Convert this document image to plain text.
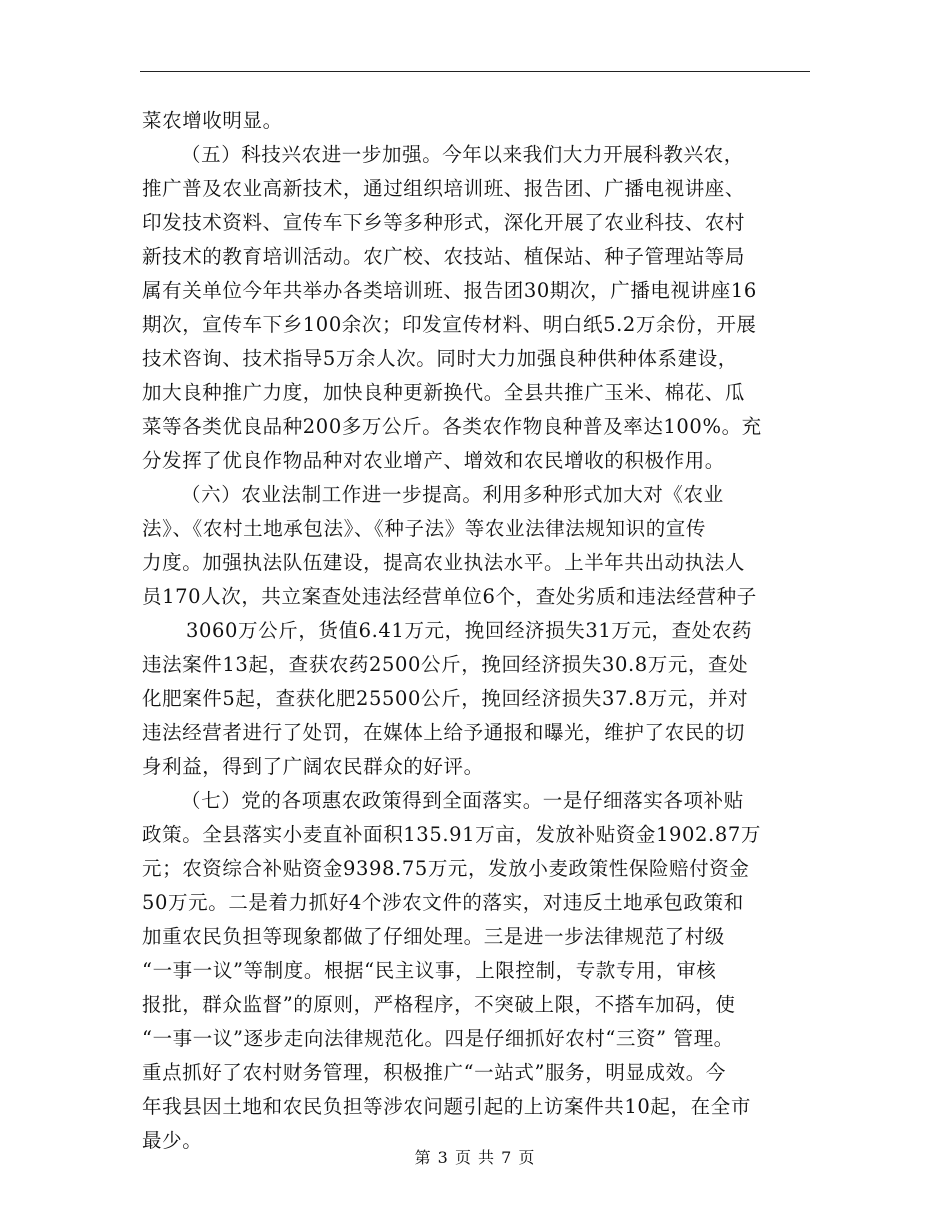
菜农增收明显。
（五）科技兴农进一步加强。今年以来我们大力开展科教兴农，
推广普及农业高新技术，通过组织培训班、报告团、广播电视讲座、
印发技术资料、宣传车下乡等多种形式，深化开展了农业科技、农村
新技术的教育培训活动。农广校、农技站、植保站、种子管理站等局
属有关单位今年共举办各类培训班、报告团30期次，广播电视讲座16
期次，宣传车下乡100余次；印发宣传材料、明白纸5.2万余份，开展
技术咨询、技术指导5万余人次。同时大力加强良种供种体系建设，
加大良种推广力度，加快良种更新换代。全县共推广玉米、棉花、瓜
菜等各类优良品种200多万公斤。各类农作物良种普及率达100%。充
分发挥了优良作物品种对农业增产、增效和农民增收的积极作用。
（六）农业法制工作进一步提高。利用多种形式加大对《农业
法》、《农村土地承包法》、《种子法》等农业法律法规知识的宣传
力度。加强执法队伍建设，提高农业执法水平。上半年共出动执法人
员170人次，共立案查处违法经营单位6个，查处劣质和违法经营种子
3060万公斤，货值6.41万元，挽回经济损失31万元，查处农药
违法案件13起，查获农药2500公斤，挽回经济损失30.8万元，查处
化肥案件5起，查获化肥25500公斤，挽回经济损失37.8万元，并对
违法经营者进行了处罚，在媒体上给予通报和曝光，维护了农民的切
身利益，得到了广阔农民群众的好评。
（七）党的各项惠农政策得到全面落实。一是仔细落实各项补贴
政策。全县落实小麦直补面积135.91万亩，发放补贴资金1902.87万
元；农资综合补贴资金9398.75万元，发放小麦政策性保险赔付资金
50万元。二是着力抓好4个涉农文件的落实，对违反土地承包政策和
加重农民负担等现象都做了仔细处理。三是进一步法律规范了村级
“一事一议”等制度。根据“民主议事，上限控制，专款专用，审核
报批，群众监督”的原则，严格程序，不突破上限，不搭车加码，使
“一事一议”逐步走向法律规范化。四是仔细抓好农村“三资” 管理。
重点抓好了农村财务管理，积极推广“一站式”服务，明显成效。今
年我县因土地和农民负担等涉农问题引起的上访案件共10起，在全市
最少。
第 3 页 共 7 页
